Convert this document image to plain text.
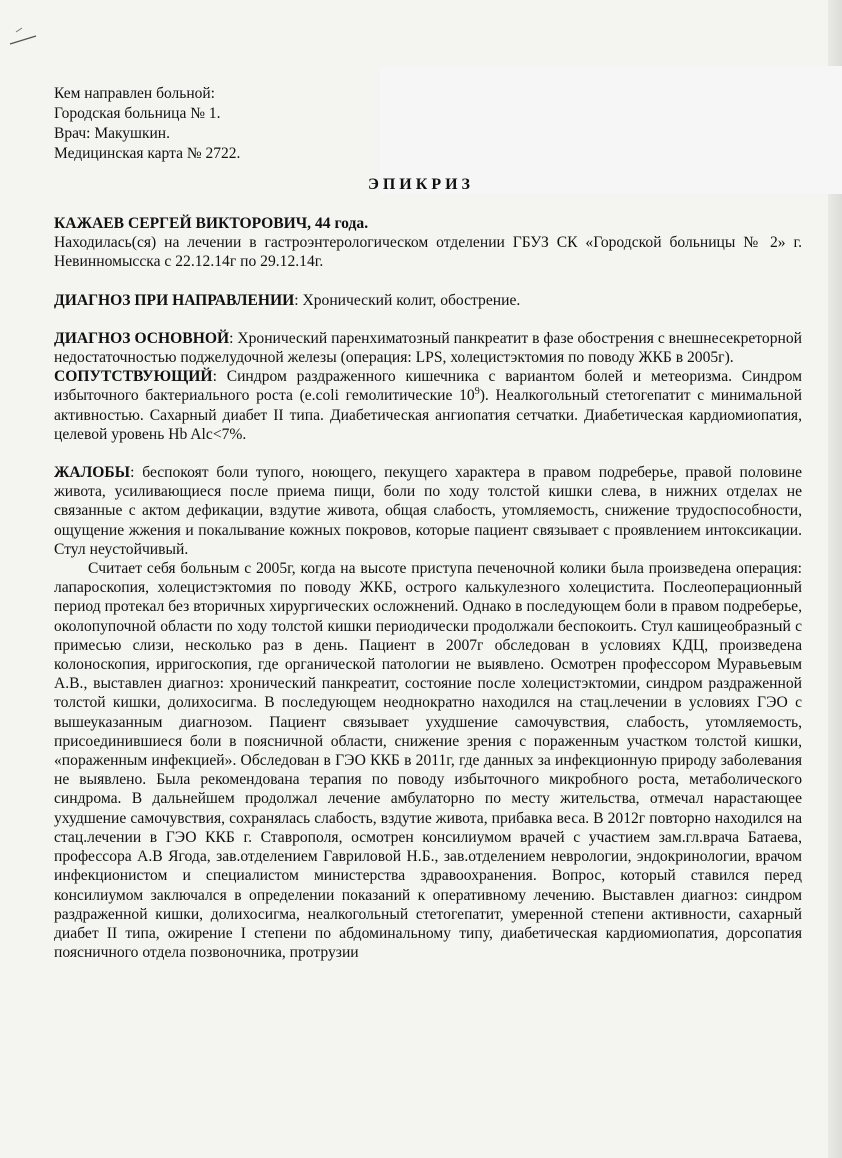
Кем направлен больной:
Городская больница № 1.
Врач: Макушкин.
Медицинская карта № 2722.
ЭПИКРИЗ

КАЖАЕВ СЕРГЕЙ ВИКТОРОВИЧ, 44 года.

Находилась(ся) на лечении в гастроэнтерологическом отделении ГБУЗ СК «Городской больницы № 2» г. Невинномысска с 22.12.14г по 29.12.14г.

ДИАГНОЗ ПРИ НАПРАВЛЕНИИ: Хронический колит, обострение.

ДИАГНОЗ ОСНОВНОЙ: Хронический паренхиматозный панкреатит в фазе обострения с внешнесекреторной недостаточностью поджелудочной железы (операция: LPS, холецистэктомия по поводу ЖКБ в 2005г).

СОПУТСТВУЮЩИЙ: Синдром раздраженного кишечника с вариантом болей и метеоризма. Синдром избыточного бактериального роста (e.coli гемолитические $10^9$). Неалкогольный стетогепатит с минимальной активностью. Сахарный диабет II типа. Диабетическая ангиопатия сетчатки. Диабетическая кардиомиопатия, целевой уровень Hb Alc<7%.

ЖАЛОБЫ: беспокоят боли тупого, ноющего, пекущего характера в правом подреберье, правой половине живота, усиливающиеся после приема пищи, боли по ходу толстой кишки слева, в нижних отделах не связанные с актом дефикации, вздутие живота, общая слабость, утомляемость, снижение трудоспособности, ощущение жжения и покалывание кожных покровов, которые пациент связывает с проявлением интоксикации. Стул неустойчивый.

Считает себя больным с 2005г, когда на высоте приступа печеночной колики была произведена операция: лапароскопия, холецистэктомия по поводу ЖКБ, острого калькулезного холецистита. Послеоперационный период протекал без вторичных хирургических осложнений. Однако в последующем боли в правом подреберье, околопупочной области по ходу толстой кишки периодически продолжали беспокоить. Стул кашицеобразный с примесью слизи, несколько раз в день. Пациент в 2007г обследован в условиях КДЦ, произведена колоноскопия, ирригоскопия, где органической патологии не выявлено. Осмотрен профессором Муравьевым А.В., выставлен диагноз: хронический панкреатит, состояние после холецистэктомии, синдром раздраженной толстой кишки, долихосигма. В последующем неоднократно находился на стац.лечении в условиях ГЭО с вышеуказанным диагнозом. Пациент связывает ухудшение самочувствия, слабость, утомляемость, присоединившиеся боли в поясничной области, снижение зрения с пораженным участком толстой кишки, «пораженным инфекцией». Обследован в ГЭО ККБ в 2011г, где данных за инфекционную природу заболевания не выявлено. Была рекомендована терапия по поводу избыточного микробного роста, метаболического синдрома. В дальнейшем продолжал лечение амбулаторно по месту жительства, отмечал нарастающее ухудшение самочувствия, сохранялась слабость, вздутие живота, прибавка веса. В 2012г повторно находился на стац.лечении в ГЭО ККБ г. Ставрополя, осмотрен консилиумом врачей с участием зам.гл.врача Батаева, профессора А.В Ягода, зав.отделением Гавриловой Н.Б., зав.отделением неврологии, эндокринологии, врачом инфекционистом и специалистом министерства здравоохранения. Вопрос, который ставился перед консилиумом заключался в определении показаний к оперативному лечению. Выставлен диагноз: синдром раздраженной кишки, долихосигма, неалкогольный стетогепатит, умеренной степени активности, сахарный диабет II типа, ожирение I степени по абдоминальному типу, диабетическая кардиомиопатия, дорсопатия поясничного отдела позвоночника, протрузии
